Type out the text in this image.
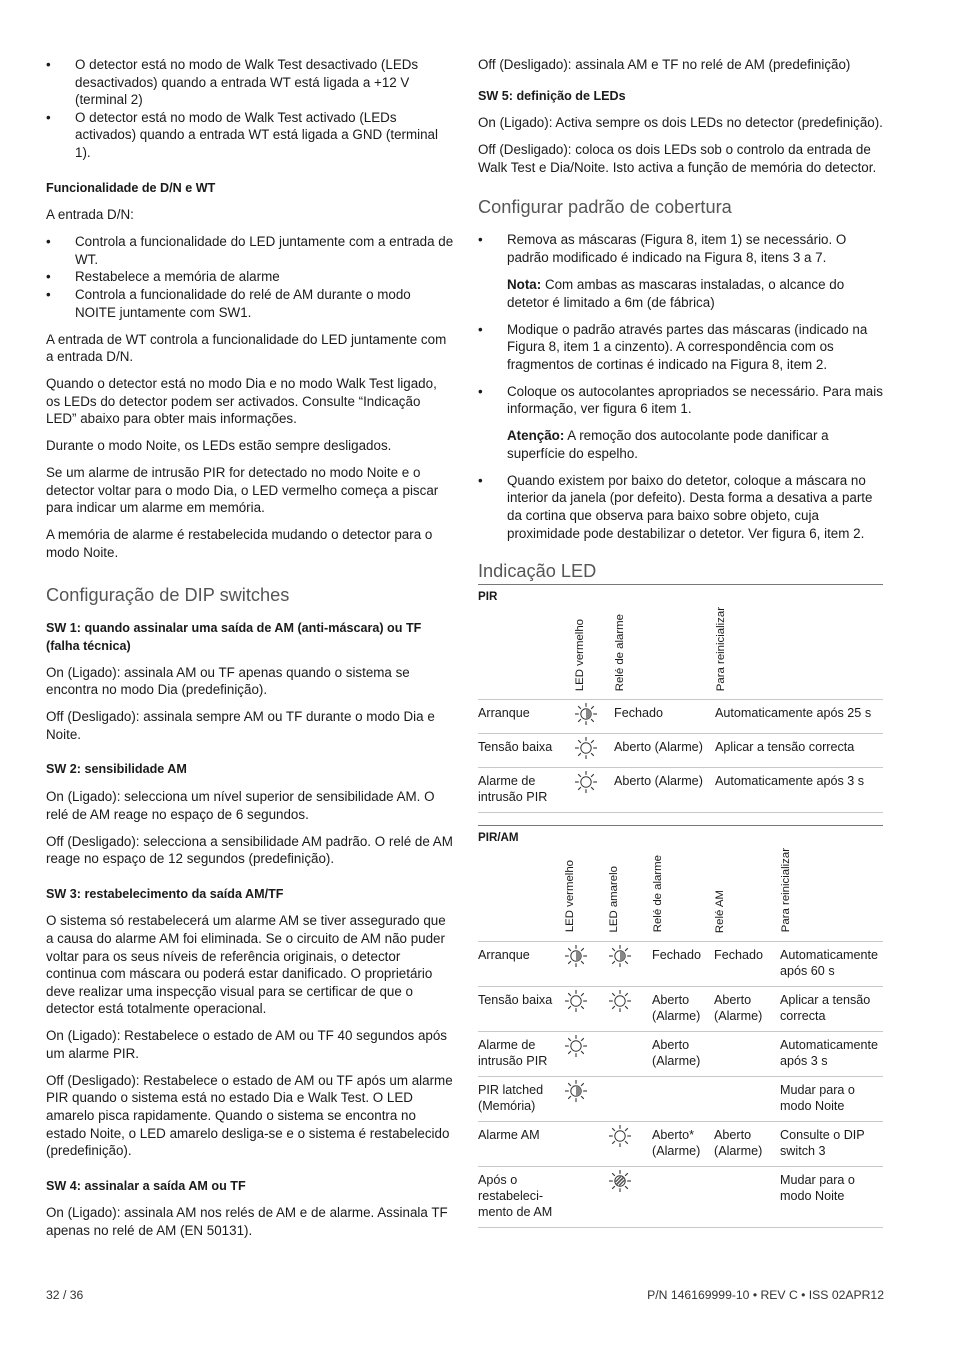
• O detector está no modo de Walk Test desactivado (LEDs desactivados) quando a entrada WT está ligada a +12 V (terminal 2)
• O detector está no modo de Walk Test activado (LEDs activados) quando a entrada WT está ligada a GND (terminal 1).
Funcionalidade de D/N e WT

A entrada D/N:

• Controla a funcionalidade do LED juntamente com a entrada de WT.
• Restabelece a memória de alarme
• Controla a funcionalidade do relé de AM durante o modo NOITE juntamente com SW1.

A entrada de WT controla a funcionalidade do LED juntamente com a entrada D/N.

Quando o detector está no modo Dia e no modo Walk Test ligado, os LEDs do detector podem ser activados. Consulte “Indicação LED” abaixo para obter mais informações.

Durante o modo Noite, os LEDs estão sempre desligados.

Se um alarme de intrusão PIR for detectado no modo Noite e o detector voltar para o modo Dia, o LED vermelho começa a piscar para indicar um alarme em memória.

A memória de alarme é restabelecida mudando o detector para o modo Noite.

Configuração de DIP switches
SW 1: quando assinalar uma saída de AM (anti-máscara) ou TF (falha técnica)

On (Ligado): assinala AM ou TF apenas quando o sistema se encontra no modo Dia (predefinição).

Off (Desligado): assinala sempre AM ou TF durante o modo Dia e Noite.

SW 2: sensibilidade AM

On (Ligado): selecciona um nível superior de sensibilidade AM. O relé de AM reage no espaço de 6 segundos.

Off (Desligado): selecciona a sensibilidade AM padrão. O relé de AM reage no espaço de 12 segundos (predefinição).

SW 3: restabelecimento da saída AM/TF

O sistema só restabelecerá um alarme AM se tiver assegurado que a causa do alarme AM foi eliminada. Se o circuito de AM não puder voltar para os seus níveis de referência originais, o detector continua com máscara ou poderá estar danificado. O proprietário deve realizar uma inspecção visual para se certificar de que o detector está totalmente operacional.

On (Ligado): Restabelece o estado de AM ou TF 40 segundos após um alarme PIR.

Off (Desligado): Restabelece o estado de AM ou TF após um alarme PIR quando o sistema está no estado Dia e Walk Test. O LED amarelo pisca rapidamente. Quando o sistema se encontra no estado Noite, o LED amarelo desliga-se e o sistema é restabelecido (predefinição).

SW 4: assinalar a saída AM ou TF

On (Ligado): assinala AM nos relés de AM e de alarme. Assinala TF apenas no relé de AM (EN 50131).

Off (Desligado): assinala AM e TF no relé de AM (predefinição)

SW 5: definição de LEDs

On (Ligado): Activa sempre os dois LEDs no detector (predefinição).

Off (Desligado): coloca os dois LEDs sob o controlo da entrada de Walk Test e Dia/Noite. Isto activa a função de memória do detector.

Configurar padrão de cobertura
• Remova as máscaras (Figura 8, item 1) se necessário. O padrão modificado é indicado na Figura 8, itens 3 a 7.
Nota: Com ambas as mascaras instaladas, o alcance do detetor é limitado a 6m (de fábrica)
• Modique o padrão através partes das máscaras (indicado na Figura 8, item 1 a cinzento). A correspondência com os fragmentos de cortinas é indicado na Figura 8, item 2.
• Coloque os autocolantes apropriados se necessário. Para mais informação, ver figura 6 item 1.
Atenção: A remoção dos autocolante pode danificar a superfície do espelho.
• Quando existem por baixo do detetor, coloque a máscara no interior da janela (por defeito). Desta forma a desativa a parte da cortina que observa para baixo sobre objeto, cuja proximidade pode destabilizar o detetor. Ver figura 6, item 2.
Indicação LED
PIR			
	LED vermelho	Relé de alarme	Para reinicializar
Arranque		Fechado	Automaticamente após 25 s
Tensão baixa		Aberto (Alarme)	Aplicar a tensão correcta
Alarme de intrusão PIR		Aberto (Alarme)	Automaticamente após 3 s
PIR/AM					
	LED vermelho	LED amarelo	Relé de alarme	Relé AM	Para reinicializar
Arranque			Fechado	Fechado	Automaticamente após 60 s
Tensão baixa			Aberto (Alarme)	Aberto (Alarme)	Aplicar a tensão correcta
Alarme de intrusão PIR			Aberto (Alarme)		Automaticamente após 3 s
PIR latched (Memória)					Mudar para o modo Noite
Alarme AM			Aberto* (Alarme)	Aberto (Alarme)	Consulte o DIP switch 3
Após o restabeleci-mento de AM					Mudar para o modo Noite
32 / 36	P/N 146169999-10 • REV C • ISS 02APR12
